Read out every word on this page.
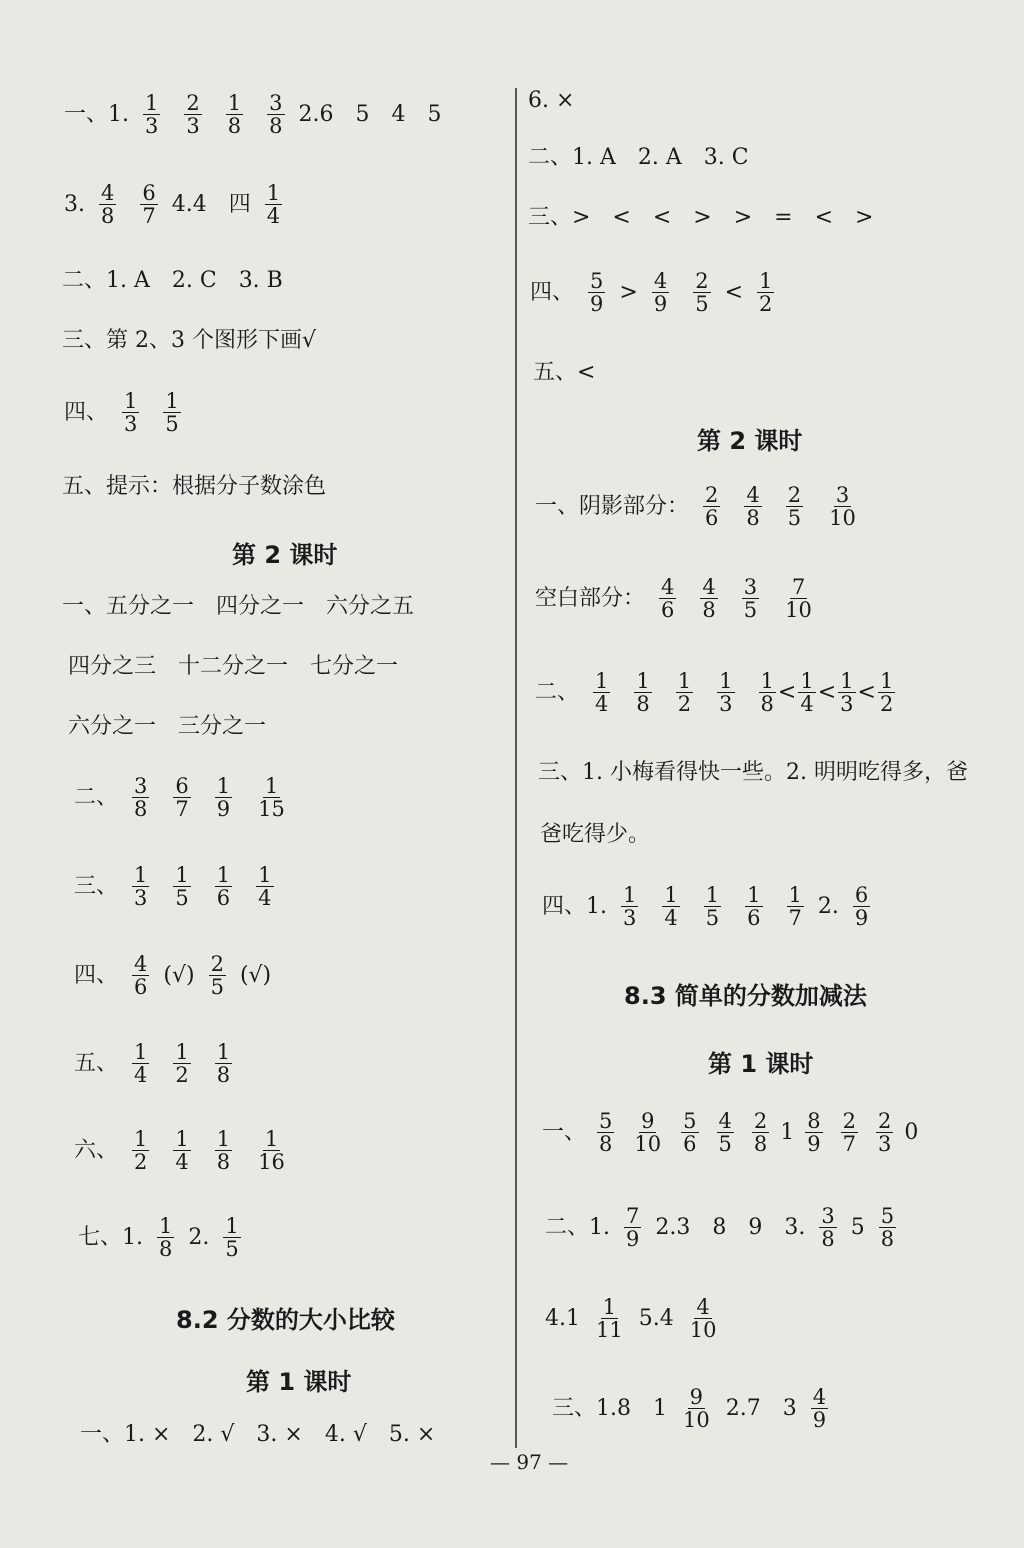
一、1. $\frac{1}{3} \frac{2}{3} \frac{1}{8} \frac{3}{8} 2.6$　5　4　5
3. $\frac{4}{8} \frac{6}{7} 4.4$　四 $\frac{1}{4}$
二、1. A　2. C　3. B
三、第 2、3 个图形下画√
四、 $\frac{1}{3} \frac{1}{5}$
五、提示：根据分子数涂色
第 2 课时
一、五分之一　四分之一　六分之五
四分之三　十二分之一　七分之一
六分之一　三分之一
二、 $\frac{3}{8} \frac{6}{7} \frac{1}{9} \frac{1}{15}$
三、 $\frac{1}{3} \frac{1}{5} \frac{1}{6} \frac{1}{4}$
四、 $\frac{4}{6}$ (√) $\frac{2}{5}$ (√)
五、 $\frac{1}{4} \frac{1}{2} \frac{1}{8}$
六、 $\frac{1}{2} \frac{1}{4} \frac{1}{8} \frac{1}{16}$
七、1. $\frac{1}{8} 2$. $\frac{1}{5}$
8.2 分数的大小比较
第 1 课时
一、1. ×　2. √　3. ×　4. √　5. ×
6. ×
二、1. A　2. A　3. C
三、>　<　<　>　>　=　<　>
四、 $\frac{5}{9} > \frac{4}{9} \frac{2}{5} < \frac{1}{2}$
五、<
第 2 课时
一、阴影部分： $\frac{2}{6} \frac{4}{8} \frac{2}{5} \frac{3}{10}$
空白部分： $\frac{4}{6} \frac{4}{8} \frac{3}{5} \frac{7}{10}$
二、 $\frac{1}{4} \frac{1}{8} \frac{1}{2} \frac{1}{3} \frac{1}{8} < \frac{1}{4} < \frac{1}{3} < \frac{1}{2}$
三、1. 小梅看得快一些。2. 明明吃得多，爸
爸吃得少。
四、1. $\frac{1}{3} \frac{1}{4} \frac{1}{5} \frac{1}{6} \frac{1}{7} 2$. $\frac{6}{9}$
8.3 简单的分数加减法
第 1 课时
一、 $\frac{5}{8} \frac{9}{10} \frac{5}{6} \frac{4}{5} \frac{2}{8} 1 \frac{8}{9} \frac{2}{7} \frac{2}{3} 0$
二、1. $\frac{7}{9} 2.3$　8　9　3. $\frac{3}{8} 5 \frac{5}{8}$
$4.1 \frac{1}{11} 5.4 \frac{4}{10}$
三、1.8　$1 \frac{9}{10} 2.7$　$3 \frac{4}{9}$
— 97 —
